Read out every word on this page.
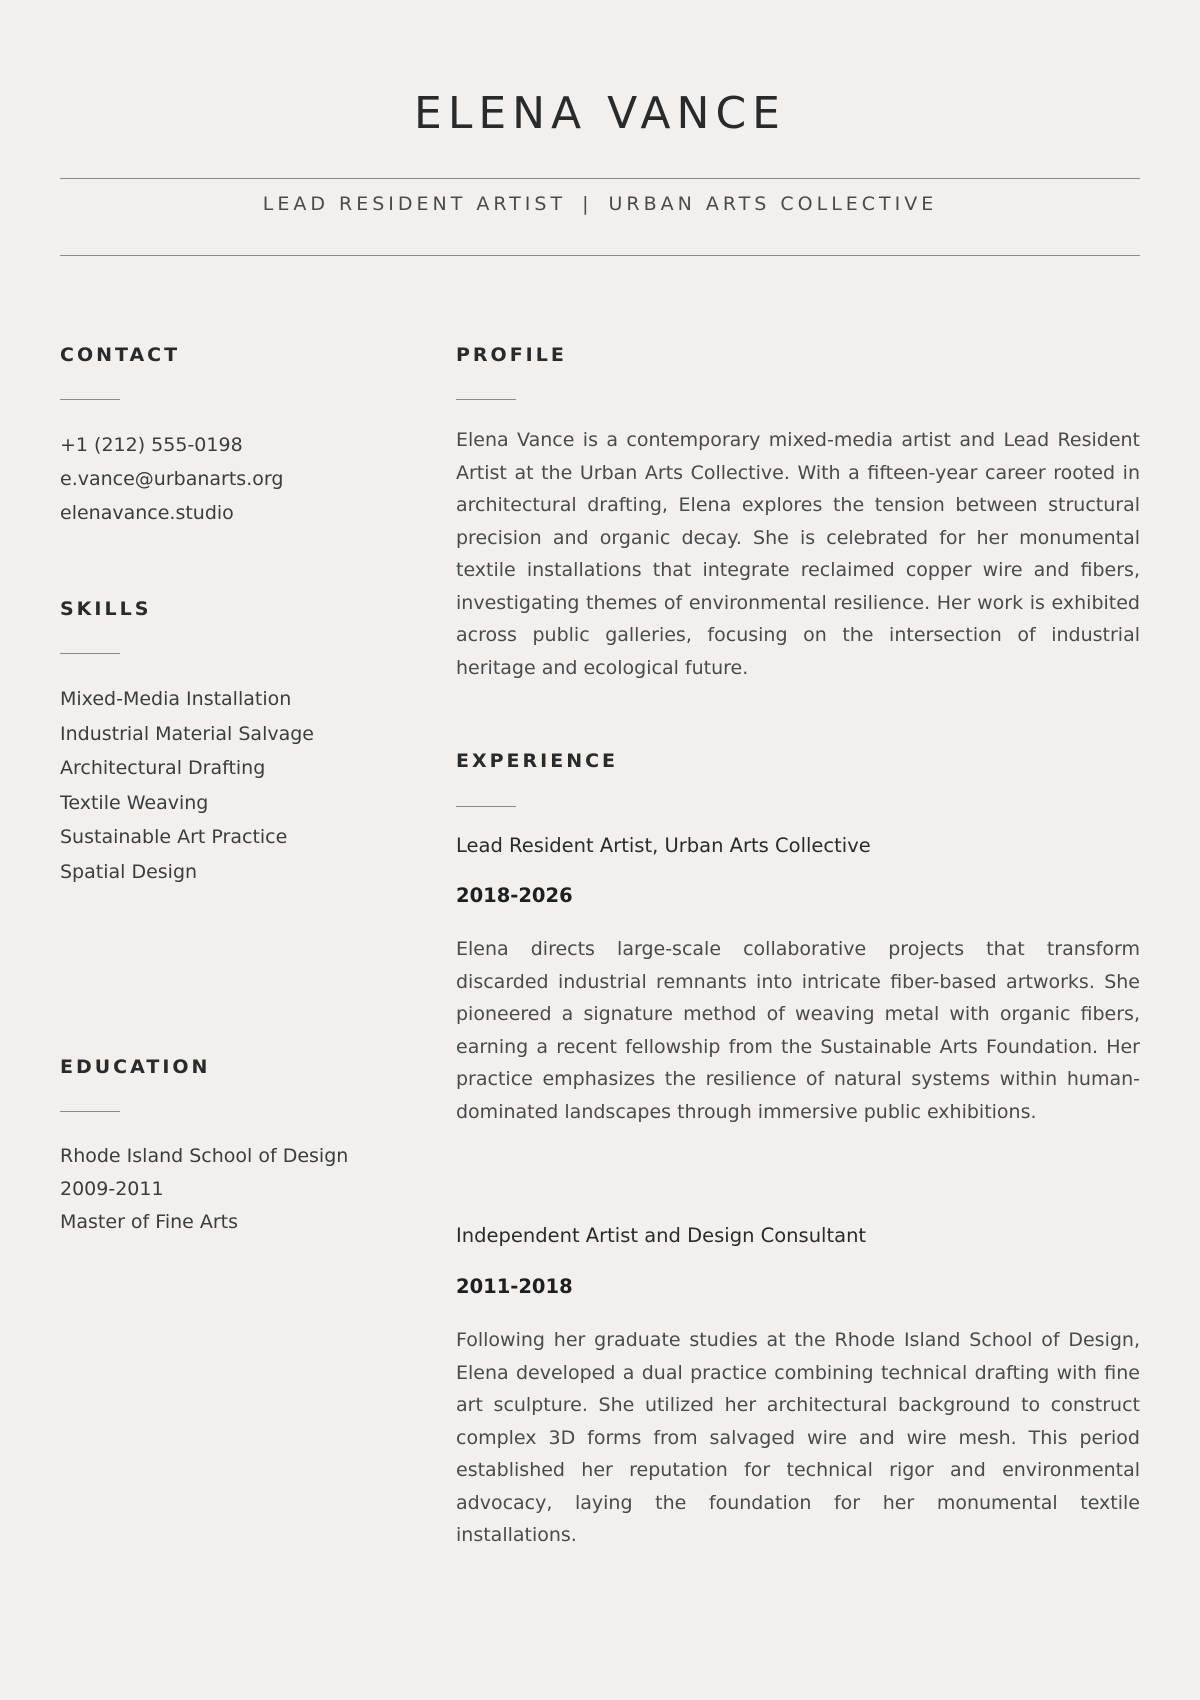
ELENA VANCE
LEAD RESIDENT ARTIST | URBAN ARTS COLLECTIVE
CONTACT
+1 (212) 555-0198
e.vance@urbanarts.org
elenavance.studio
SKILLS
Mixed-Media Installation
Industrial Material Salvage
Architectural Drafting
Textile Weaving
Sustainable Art Practice
Spatial Design
EDUCATION
Rhode Island School of Design
2009-2011
Master of Fine Arts
PROFILE

Elena Vance is a contemporary mixed-media artist and Lead Resident Artist at the Urban Arts Collective. With a fifteen-year career rooted in architectural drafting, Elena explores the tension between structural precision and organic decay. She is celebrated for her monumental textile installations that integrate reclaimed copper wire and fibers, investigating themes of environmental resilience. Her work is exhibited across public galleries, focusing on the intersection of industrial heritage and ecological future.

EXPERIENCE
Lead Resident Artist, Urban Arts Collective
2018-2026

Elena directs large-scale collaborative projects that transform discarded industrial remnants into intricate fiber-based artworks. She pioneered a signature method of weaving metal with organic fibers, earning a recent fellowship from the Sustainable Arts Foundation. Her practice emphasizes the resilience of natural systems within human-dominated landscapes through immersive public exhibitions.

Independent Artist and Design Consultant
2011-2018

Following her graduate studies at the Rhode Island School of Design, Elena developed a dual practice combining technical drafting with fine art sculpture. She utilized her architectural background to construct complex 3D forms from salvaged wire and wire mesh. This period established her reputation for technical rigor and environmental advocacy, laying the foundation for her monumental textile installations.
